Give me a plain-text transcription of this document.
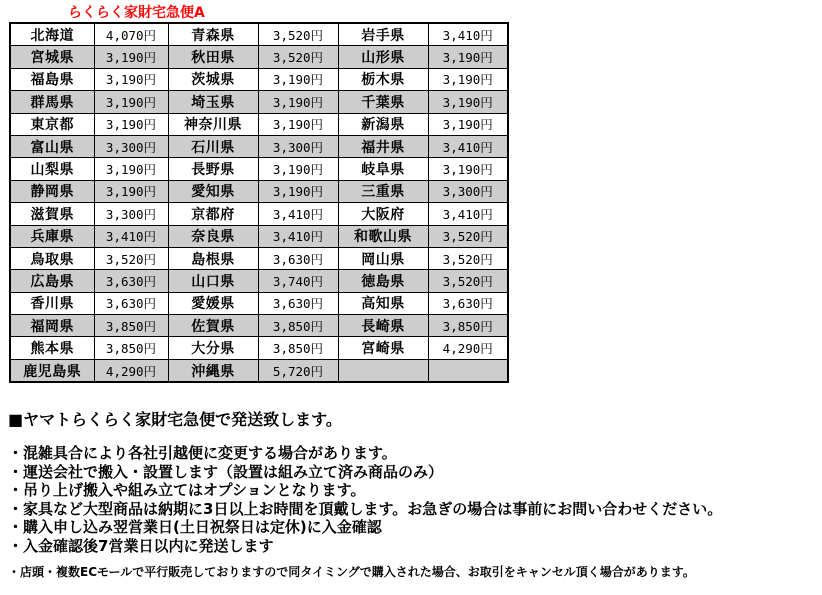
らくらく家財宅急便A
北海道	4,070円	青森県	3,520円	岩手県	3,410円
宮城県	3,190円	秋田県	3,520円	山形県	3,190円
福島県	3,190円	茨城県	3,190円	栃木県	3,190円
群馬県	3,190円	埼玉県	3,190円	千葉県	3,190円
東京都	3,190円	神奈川県	3,190円	新潟県	3,190円
富山県	3,300円	石川県	3,300円	福井県	3,410円
山梨県	3,190円	長野県	3,190円	岐阜県	3,190円
静岡県	3,190円	愛知県	3,190円	三重県	3,300円
滋賀県	3,300円	京都府	3,410円	大阪府	3,410円
兵庫県	3,410円	奈良県	3,410円	和歌山県	3,520円
鳥取県	3,520円	島根県	3,630円	岡山県	3,520円
広島県	3,630円	山口県	3,740円	徳島県	3,520円
香川県	3,630円	愛媛県	3,630円	高知県	3,630円
福岡県	3,850円	佐賀県	3,850円	長崎県	3,850円
熊本県	3,850円	大分県	3,850円	宮崎県	4,290円
鹿児島県	4,290円	沖縄県	5,720円		

■ヤマトらくらく家財宅急便で発送致します。

・混雑具合により各社引越便に変更する場合があります。

・運送会社で搬入・設置します（設置は組み立て済み商品のみ）

・吊り上げ搬入や組み立てはオプションとなります。

・家具など大型商品は納期に3日以上お時間を頂戴します。お急ぎの場合は事前にお問い合わせください。

・購入申し込み翌営業日(土日祝祭日は定休)に入金確認

・入金確認後7営業日以内に発送します

・店頭・複数ECモールで平行販売しておりますので同タイミングで購入された場合、お取引をキャンセル頂く場合があります。
